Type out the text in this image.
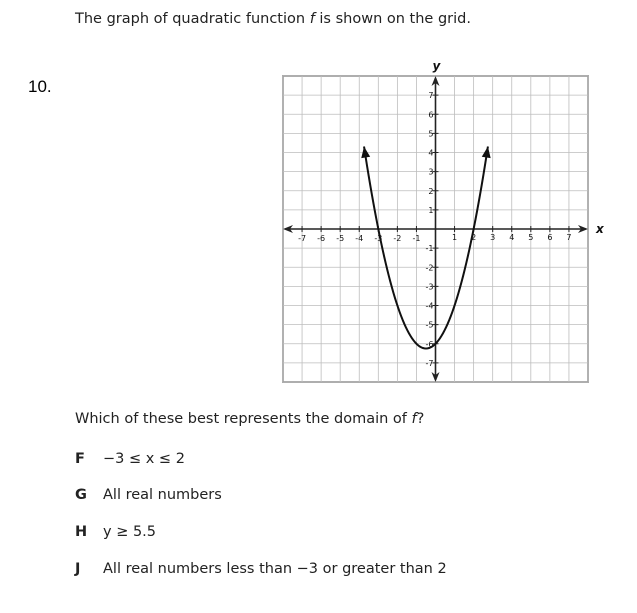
The graph of quadratic function f is shown on the grid.
10.
-7 -6 -5 -4 -3 -2 -1	1 2 3 4 5 6 7
7
6
5
4
3
2
1
-1
-2
-3
-4
-5
-6
-7
x
y
Which of these best represents the domain of f?
F −3 ≤ x ≤ 2
G All real numbers
H y ≥ 5.5
J All real numbers less than −3 or greater than 2
